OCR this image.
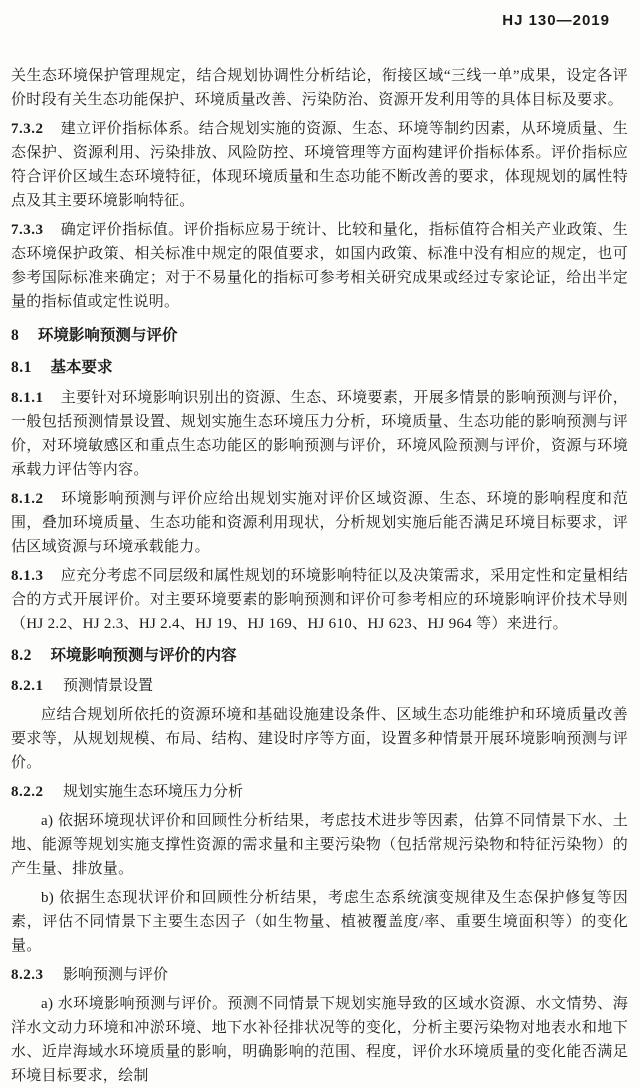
HJ 130—2019

关生态环境保护管理规定，结合规划协调性分析结论，衔接区域“三线一单”成果，设定各评价时段有关生态功能保护、环境质量改善、污染防治、资源开发利用等的具体目标及要求。

7.3.2 建立评价指标体系。结合规划实施的资源、生态、环境等制约因素，从环境质量、生态保护、资源利用、污染排放、风险防控、环境管理等方面构建评价指标体系。评价指标应符合评价区域生态环境特征，体现环境质量和生态功能不断改善的要求，体现规划的属性特点及其主要环境影响特征。

7.3.3 确定评价指标值。评价指标应易于统计、比较和量化，指标值符合相关产业政策、生态环境保护政策、相关标准中规定的限值要求，如国内政策、标准中没有相应的规定，也可参考国际标准来确定；对于不易量化的指标可参考相关研究成果或经过专家论证，给出半定量的指标值或定性说明。

8 环境影响预测与评价
8.1 基本要求

8.1.1 主要针对环境影响识别出的资源、生态、环境要素，开展多情景的影响预测与评价，一般包括预测情景设置、规划实施生态环境压力分析，环境质量、生态功能的影响预测与评价，对环境敏感区和重点生态功能区的影响预测与评价，环境风险预测与评价，资源与环境承载力评估等内容。

8.1.2 环境影响预测与评价应给出规划实施对评价区域资源、生态、环境的影响程度和范围，叠加环境质量、生态功能和资源利用现状，分析规划实施后能否满足环境目标要求，评估区域资源与环境承载能力。

8.1.3 应充分考虑不同层级和属性规划的环境影响特征以及决策需求，采用定性和定量相结合的方式开展评价。对主要环境要素的影响预测和评价可参考相应的环境影响评价技术导则（HJ 2.2、HJ 2.3、HJ 2.4、HJ 19、HJ 169、HJ 610、HJ 623、HJ 964 等）来进行。

8.2 环境影响预测与评价的内容

8.2.1 预测情景设置

应结合规划所依托的资源环境和基础设施建设条件、区域生态功能维护和环境质量改善要求等，从规划规模、布局、结构、建设时序等方面，设置多种情景开展环境影响预测与评价。

8.2.2 规划实施生态环境压力分析

a) 依据环境现状评价和回顾性分析结果，考虑技术进步等因素，估算不同情景下水、土地、能源等规划实施支撑性资源的需求量和主要污染物（包括常规污染物和特征污染物）的产生量、排放量。

b) 依据生态现状评价和回顾性分析结果，考虑生态系统演变规律及生态保护修复等因素，评估不同情景下主要生态因子（如生物量、植被覆盖度/率、重要生境面积等）的变化量。

8.2.3 影响预测与评价

a) 水环境影响预测与评价。预测不同情景下规划实施导致的区域水资源、水文情势、海洋水文动力环境和冲淤环境、地下水补径排状况等的变化，分析主要污染物对地表水和地下水、近岸海域水环境质量的影响，明确影响的范围、程度，评价水环境质量的变化能否满足环境目标要求，绘制
